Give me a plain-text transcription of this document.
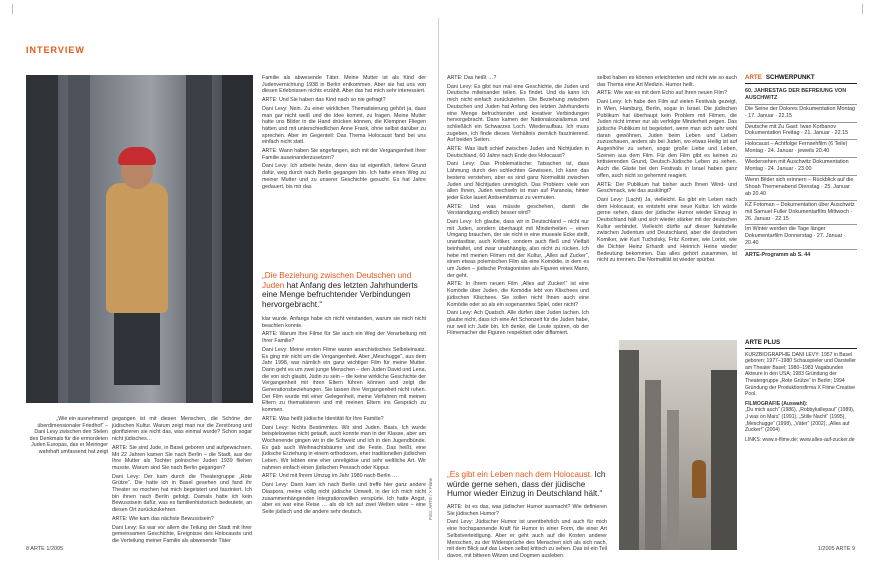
INTERVIEW
„Wie ein ausnehmend überdimensionaler Friedhof“ – Dani Levy zwischen den Stelen des Denkmals für die ermordeten Juden Europas, das er Meiringer wahrhaft umfassend hat zeigt

gegangen ist mit diesen Menschen, die Schöne der jüdischen Kultur. Warum zeigt man nur die Zerstörung und glorifizieren sie nicht das, was einmal wurde? Schon sogar nicht jüdisches…

ARTE: Sie sind Jude, in Basel geboren und aufgewachsen. Mit 22 Jahren kamen Sie nach Berlin – die Stadt, aus der Ihre Mutter als Tochter polnischer Juden 1939 fliehen musste. Warum sind Sie nach Berlin gegangen?

Dani Levy: Der kam durch die Theatergruppe „Rote Grütze“. Die hatte ich in Basel gesehen und fand ihr Theater so mochen hat mich begeistert und fasziniert. Ich bin ihnen nach Berlin gefolgt. Damals hatte ich kein Bewusstsein dafür, was es familienhistorisch bedeutete, an diesen Ort zurückzukehren.

ARTE: Wie kam das nächste Bewusstsein?

Dani Levy: Es war vor allem die Teilung der Stadt mit ihrer gemeinsamen Geschichte, Ereignisse des Holocausts und die Verteilung meiner Familie als abwesende Täter

Familie als abwesende Täter. Meine Mutter ist als Kind der Judenvernichtung 1938 in Berlin entkommen. Aber sie hat uns von diesen Erlebnissen nichts erzählt. Aber das hat mich sehr interessiert.

ARTE: Und Sie haben das Kind nach so nie gefragt?

Dani Levy: Nein. Zu einer wirklichen Thematisierung gehört ja, dass man gar nicht weiß und die Idee kommt, zu fragen. Meine Mutter hatte uns Bilder in die Hand drücken können, die Klempner Fliegen hätten und mit unterschiedlichen Anne Frank, ohne selbst darüber zu sprechen. Aber im Gegenteil: Das Thema Holocaust fand bei uns einfach nicht statt.

ARTE: Wann haben Sie angefangen, sich mit der Vergangenheit Ihrer Familie auseinanderzusetzen?

Dani Levy: Ich arbeite heute, denn das ist eigentlich, tiefere Grund dafür, weg durch nach Berlin gegangen bin. Ich hatte einen Weg zu meiner Mutter und zu unserer Geschichte gesucht. Es hat Jahre gedauert, bis mir das

„Die Beziehung zwischen Deutschen und Juden hat Anfang des letzten Jahrhunderts eine Menge befruchtender Verbindungen hervorgebracht.“

klar wurde. Anfangs habe ich nicht verstanden, warum sie mich nicht beachten konnte.

ARTE: Warum Ihre Filme für Sie auch ein Weg der Verarbeitung mit Ihrer Familie?

Dani Levy: Meine ersten Filme waren anarchistisches Selbsteinsatz. Es ging mir nicht um die Vergangenheit. Aber „Meschugge“, aus dem Jahr 1998, war nämlich ein ganz wichtiger Film für meine Mutter. Darin geht es um zwei junge Menschen – den Juden David und Lena, die von sich glaubt, Jüdin zu sein – die keine wirkliche Geschichte der Vergangenheit mit ihren Eltern führen können und zeigt die Generationsbeziehungen. Sie lassen ihre Vergangenheit nicht ruhen. Der Film wurde mit einer Gelegenheit, meine Verfahren mit meinen Eltern zu thematisieren und mit meinen Eltern ins Gespräch zu kommen.

ARTE: Was heißt jüdische Identität für Ihre Familie?

Dani Levy: Nichts Bestimmtes. Wir sind Juden. Basis. Ich wurde beispielsweise nicht getauft, auch konnte man in der Klasse, aber am Wochenende gingen wir in die Schweiz und ich in den Jugendbünde. Es gab auch Weihnachtsbäume und die Feste. Das heißt, eine jüdische Erziehung in einem orthodoxen, eher traditionellen jüdischen Leben. Wir lebten eine eher unreligiöse und sehr weltliche Art. Wir nahmen einfach einen jüdischen Pessach oder Kippur.

ARTE: Und mit Ihrem Umzug im Jahr 1980 nach Berlin …

Dani Levy: Dann kam ich nach Berlin und treffe hier ganz andere Diaspora, meine völlig nicht jüdische Umwelt, in der ich mich nicht zusammenhängenden Integrationswillen verspürte. Ich hatte Angst, aber es war eine Reise … als ob ich auf zwei Welten wäre – eine Seite jüdisch und die andere sehr deutsch.

8 ARTE 1/2005
Foto: ARTE / X Filme

ARTE: Das heißt …?

Dani Levy: Es gibt nun mal eine Geschichte, die Juden und Deutsche miteinander teilen. Es findet. Und da kann ich mich nicht einfach zurückziehen. Die Beziehung zwischen Deutschen und Juden hat Anfang des letzten Jahrhunderts eine Menge befruchtender und kreativer Verbindungen hervorgebracht. Dann kamen der Nationalsozialismus und schließlich ein Schwarzes Loch. Wiederaufbau. Ich muss zugeben, ich finde dieses Verhältnis ziemlich faszinierend. Auf beiden Seiten.

ARTE: Was läuft schief zwischen Juden und Nichtjuden in Deutschland, 60 Jahre nach Ende des Holocaust?

Dani Levy: Das Problematische: Tatsachen ist, dass Lähmung durch den schlechten Gewissen. Ich kann das bestens verstehen, aber es sind ganz Normalität zwischen Juden und Nichtjuden unmöglich. Das Problem: viele von allen Ihnen, Juden wechseln ist man auf Paranoia, hinter jeder Ecke lauert Antisemitismus zu vermuten.

ARTE: Und was müsste geschehen, damit die Verständigung endlich besser wird?

Dani Levy: Ich glaube, dass wir in Deutschland – nicht nur mit Juden, sondern überhaupt mit Minderheiten – einen Umgang brauchen, der sie nicht in eine museale Ecke stellt, unantastbar, auch Kritiker, sondern auch fließ und Vielfalt beinhaltet, und zwar unabhängig, also nicht zu rücken. Ich hebe mit meinen Filmen mit der Kultur, „Alles auf Zucker“, einen etwas polemischen Film als eine Komödie, in dem es um Juden – jüdische Protagonisten als Figuren eines Mann, der geht.

ARTE: In Ihrem neuen Film „Alles auf Zucker!“ ist eine Komödie über Juden, die Komödie lebt von Klischees und jüdischen Klischees. Sie sollen nicht Ihnen auch eine Komödie oder so als ein sogenanntes Spiel, oder nicht?

Dani Levy: Ach Quatsch. Alle dürfen über Juden lachen. Ich glaube nicht, dass ich eine Art Schonzeit für die Juden habe, nur weil ich Jude bin. Ich denke, die Leute spüren, ob der Filmemacher die Figuren respektiert oder diffamiert.

„Es gibt ein Leben nach dem Holocaust. Ich würde gerne sehen, dass der jüdische Humor wieder Einzug in Deutschland hält.“

ARTE: Ist es das, was jüdischer Humor ausmacht? Wie definieren Sie jüdischen Humor?

Dani Levy: Jüdischer Humor ist unentbehrlich und auch für mich eine hochspannende Kraft für Humor in einer Form, die einer Art Selbstverteidigung. Aber er geht auch auf die Kosten anderer Menschen, zu der Widersprüche des Menschen sich als sich nach, mit dem Blick auf das Leben selbst kritisch zu sehen. Das ist ein Teil davon, mit bitteren Witzen und Dogmen ausleben.

selbst haben es können erleichterten und nicht wie so auch das Thema eine Art Medizin. Humor heilt.

ARTE: Wie war es mit dem Echo auf Ihren neuen Film?

Dani Levy: Ich habe den Film auf vielen Festivals gezeigt, in Wien, Hamburg, Berlin, sogar in Israel. Die jüdischen Publikum hat überhaupt kein Problem mit Filmen, die Juden nicht immer nur als verfolgte Minderheit zeigen. Das jüdische Publikum ist begeistert, wenn man sich sehr wohl daran gewöhnen, Juden beim Leben und Lieben zuzuschauen, anders als bei Juden, wo etwas Heilig ist auf Augenhöhe zu sehen, sogar große Liebe und Leben, Szenen aus dem Film. Für den Film gibt es keinen zu kritisierenden Grund, Deutsch-Jüdische Leben zu sehen. Auch die Gäste bei den Festivals in Israel haben ganz offen, auch nicht so gehemmt reagiert.

ARTE: Der Publikum hat bisher auch Ihnen Wind- und Geschmack, wie das ausklingt?

Dani Levy: (Lacht) Ja, vielleicht. Es gibt ein Leben nach dem Holocaust, es entsteht eine neue Kultur. Ich würde gerne sehen, dass der jüdische Humor wieder Einzug in Deutschland hält und sich wieder stärker mit der deutschen Kultur verbindet. Vielleicht dürfte auf dieser Nahtstelle zwischen Judentum und Deutschland, aber die deutschen Komiker, wie Kurt Tucholsky, Fritz Kortner, wie Loriot, wie die Dichter Heinz Erhardt und Heinrich Heine wieder Bedeutung bekommen. Das alles gehört zusammen, ist nicht zu trennen. Die Normalität ist wieder spürbar.

ARTE SCHWERPUNKT
60. JAHRESTAG DER BEFREIUNG VON AUSCHWITZ
Die Seine der Dolores Dokumentation Montag · 17. Januar · 22.15
Deutsche mit Zu Gast: Iwan Korbanov Dokumentation Freitag · 21. Januar · 22.15
Holocaust – Achtfolge Fernsehfilm (6 Teile) Montag · 24. Januar · jeweils 20.40
Wiedersehen mit Auschwitz Dokumentation Montag · 24. Januar · 23.00
Wenn Bilder sich erinnern – Rückblick auf die Shoah Themenabend Dienstag · 25. Januar ab 20.40
KZ Fotoman – Dokumentation über Auschwitz mit Samuel Fuller Dokumentarfilm Mittwoch · 26. Januar · 22.15
Im Winter werden die Tage länger Dokumentarfilm Donnerstag · 27. Januar · 20.40
ARTE-Programm ab S. 44
ARTE PLUS
KURZBIOGRAPHIE DANI LEVY: 1957 in Basel geboren; 1977–1980 Schauspieler und Darsteller am Theater Basel; 1980–1983 Vagabunden Akteure in den USA; 1983 Gründung der Theatergruppe „Rote Grütze“ in Berlin; 1994 Gründung der Produktionsfirma X Filme Creative Pool.
FILMOGRAFIE (Auswahl):
„Du mich auch“ (1986), „Robbykallepaul“ (1989), „I was on Mars“ (1991), „Stille Nacht“ (1995), „Meschugge“ (1998), „Väter“ (2002), „Alles auf Zucker!“ (2004)
LINKS: www.x-filme.de; www.alles-auf-zucker.de
1/2005 ARTE 9
